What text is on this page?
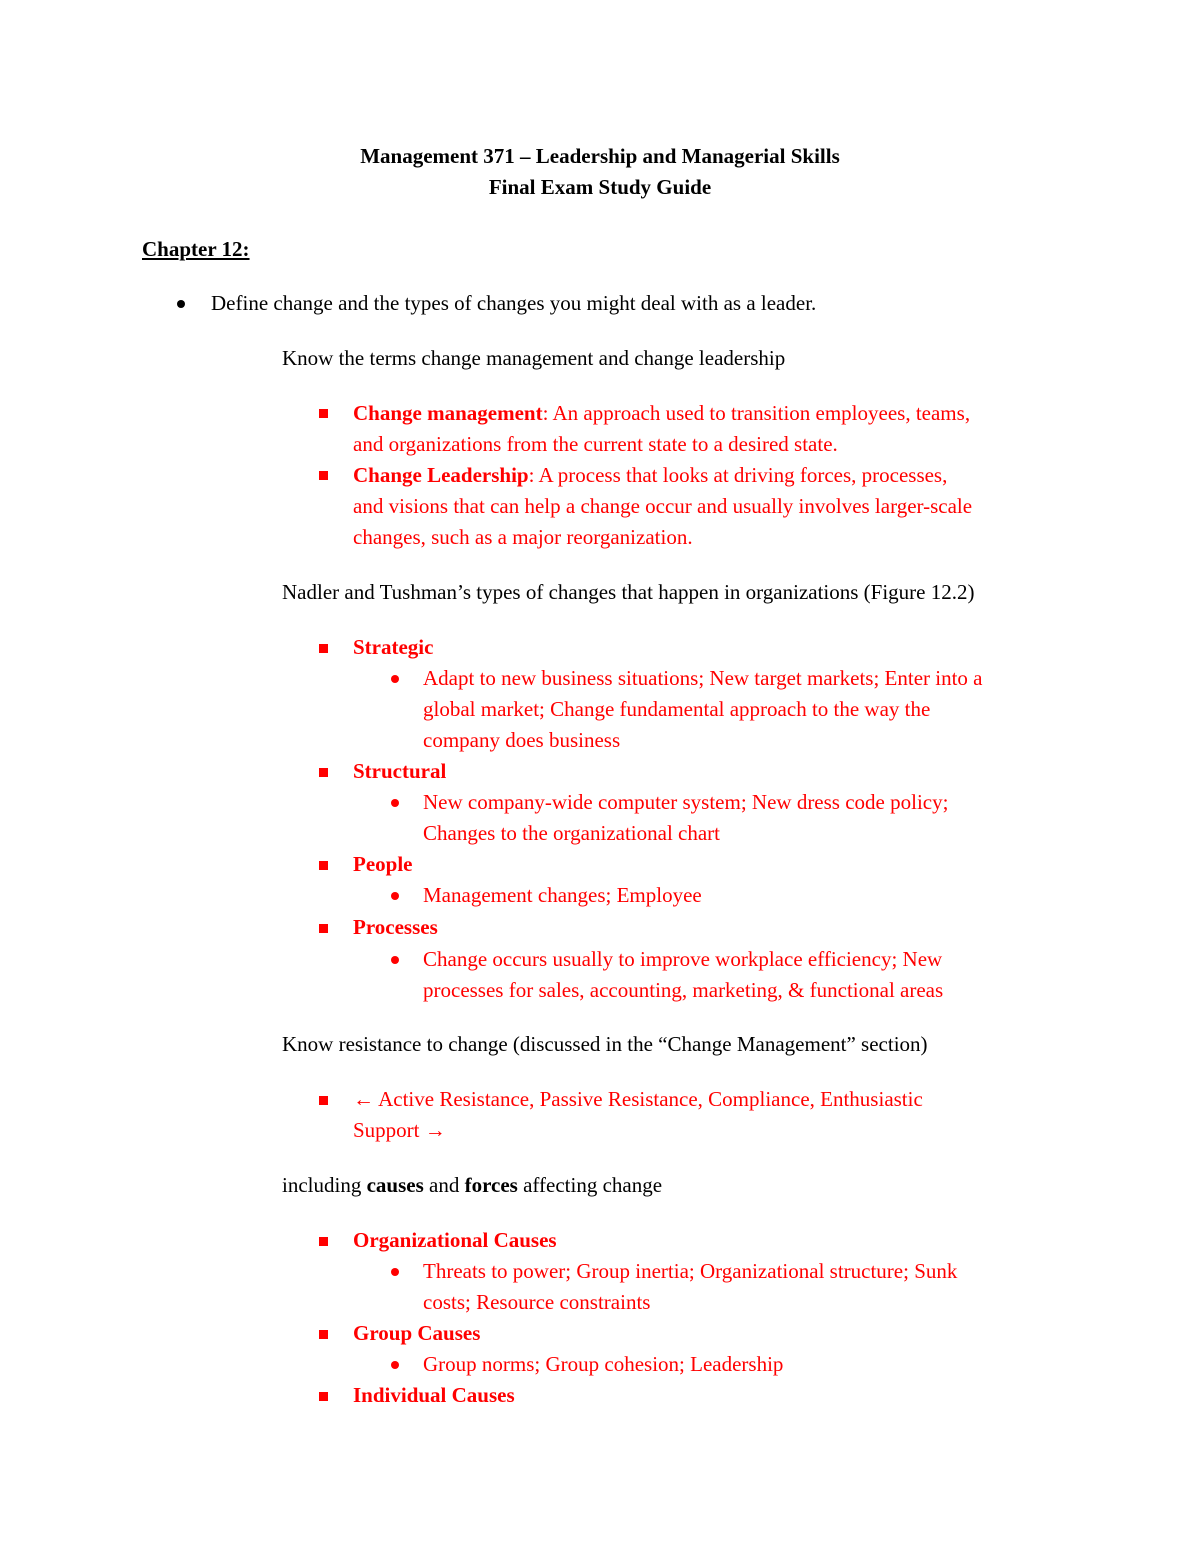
Management 371 – Leadership and Managerial Skills
Final Exam Study Guide
Chapter 12:
Define change and the types of changes you might deal with as a leader.
Know the terms change management and change leadership
Change management: An approach used to transition employees, teams,
and organizations from the current state to a desired state.
Change Leadership: A process that looks at driving forces, processes,
and visions that can help a change occur and usually involves larger-scale
changes, such as a major reorganization.
Nadler and Tushman’s types of changes that happen in organizations (Figure 12.2)
Strategic
Adapt to new business situations; New target markets; Enter into a
global market; Change fundamental approach to the way the
company does business
Structural
New company-wide computer system; New dress code policy;
Changes to the organizational chart
People
Management changes; Employee
Processes
Change occurs usually to improve workplace efficiency; New
processes for sales, accounting, marketing, & functional areas
Know resistance to change (discussed in the “Change Management” section)
← Active Resistance, Passive Resistance, Compliance, Enthusiastic
Support →
including causes and forces affecting change
Organizational Causes
Threats to power; Group inertia; Organizational structure; Sunk
costs; Resource constraints
Group Causes
Group norms; Group cohesion; Leadership
Individual Causes
